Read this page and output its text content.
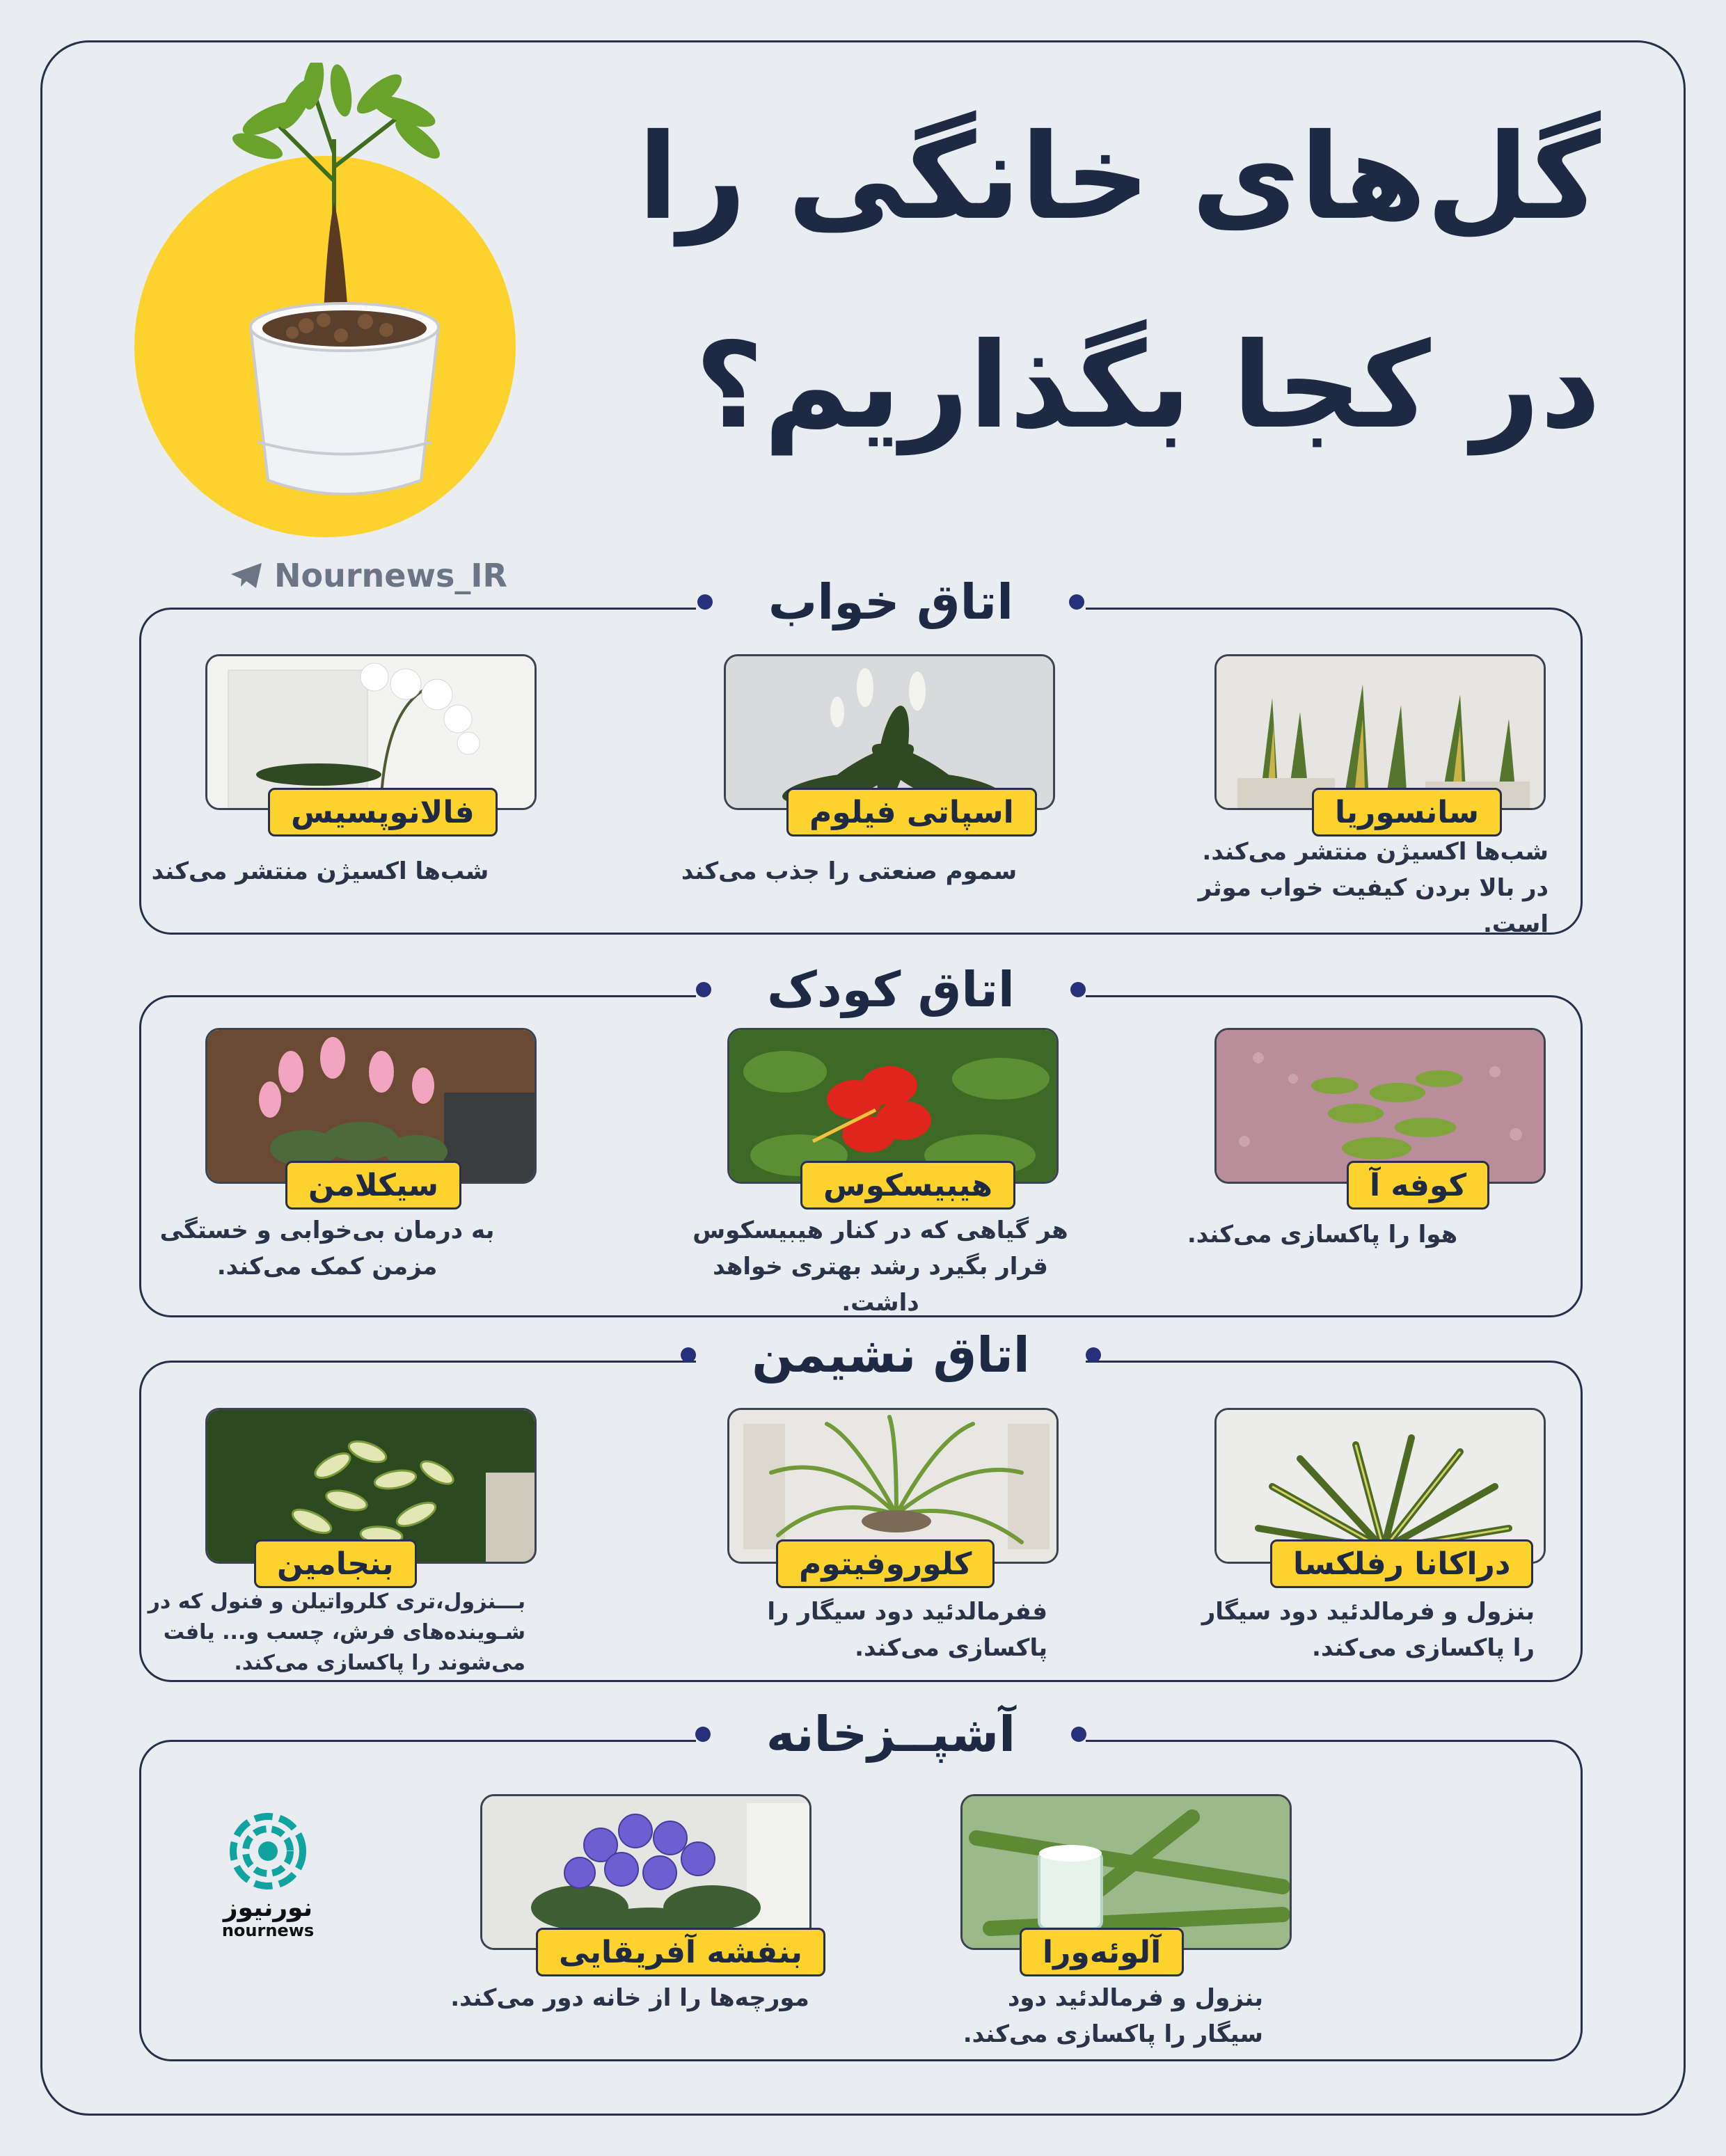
Nournews_IR
گل‌های خانگی را
در کجا بگذاریم؟
اتاق خواب
سانسوریا
شب‌ها اکسیژن منتشر می‌کند.
در بالا بردن کیفیت خواب موثر است.
اسپاتی فیلوم
سموم صنعتی را جذب می‌کند
فالانوپسیس
شب‌ها اکسیژن منتشر می‌کند
اتاق کودک
کوفه آ
هوا را پاکسازی می‌کند.
هیبیسکوس
هر گیاهی که در کنار هیبیسکوس
قرار بگیرد رشد بهتری خواهد داشت.
سیکلامن
به درمان بی‌خوابی و خستگی
مزمن کمک می‌کند.
اتاق نشیمن
دراکانا رفلکسا
بنزول و فرمالدئید دود سیگار
را پاکسازی می‌کند.
کلوروفیتوم
ففرمالدئید دود سیگار را
پاکسازی می‌کند.
بنجامین
بـــنزول،تری کلرواتیلن و فنول که در
شـوینده‌های فرش، چسب و... یافت
می‌شوند را پاکسازی می‌کند.
آشپــزخانه
آلوئه‌ورا
بنزول و فرمالدئید دود
سیگار را پاکسازی می‌کند.
بنفشه آفریقایی
مورچه‌ها را از خانه دور می‌کند.
نورنیوز
nournews
